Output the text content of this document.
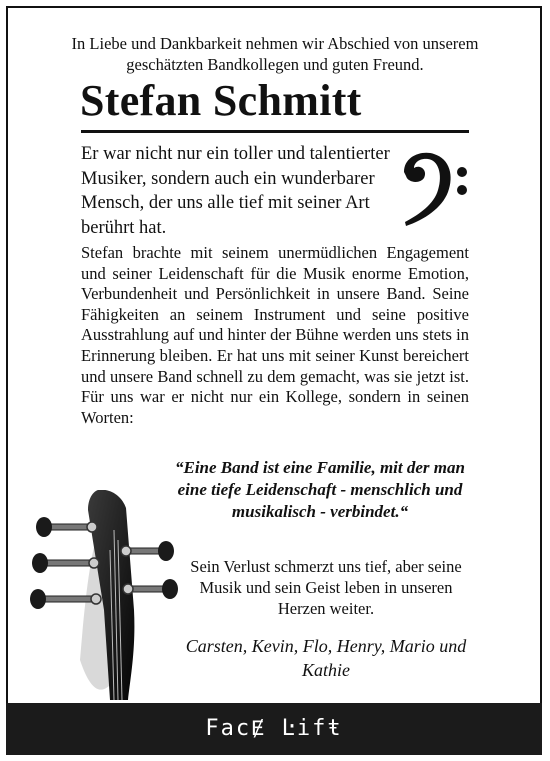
In Liebe und Dankbarkeit nehmen wir Abschied von unserem geschätzten Bandkollegen und guten Freund.
Stefan Schmitt
Er war nicht nur ein toller und talentierter Musiker, sondern auch ein wunderbarer Mensch, der uns alle tief mit seiner Art berührt hat.
Stefan brachte mit seinem unermüdlichen Engagement und seiner Leidenschaft für die Musik enorme Emotion, Verbundenheit und Persönlichkeit in unsere Band. Seine Fähigkeiten an seinem Instrument und seine positive Ausstrahlung auf und hinter der Bühne werden uns stets in Erinnerung bleiben. Er hat uns mit seiner Kunst bereichert und unsere Band schnell zu dem gemacht, was sie jetzt ist. Für uns war er nicht nur ein Kollege, sondern in seinen Worten:
“Eine Band ist eine Familie, mit der man eine tiefe Leidenschaft - menschlich und musikalisch - verbindet.“
Sein Verlust schmerzt uns tief, aber seine Musik und sein Geist leben in unseren Herzen weiter.
Carsten, Kevin, Flo, Henry, Mario und Kathie
FacɆ Ŀifŧ
